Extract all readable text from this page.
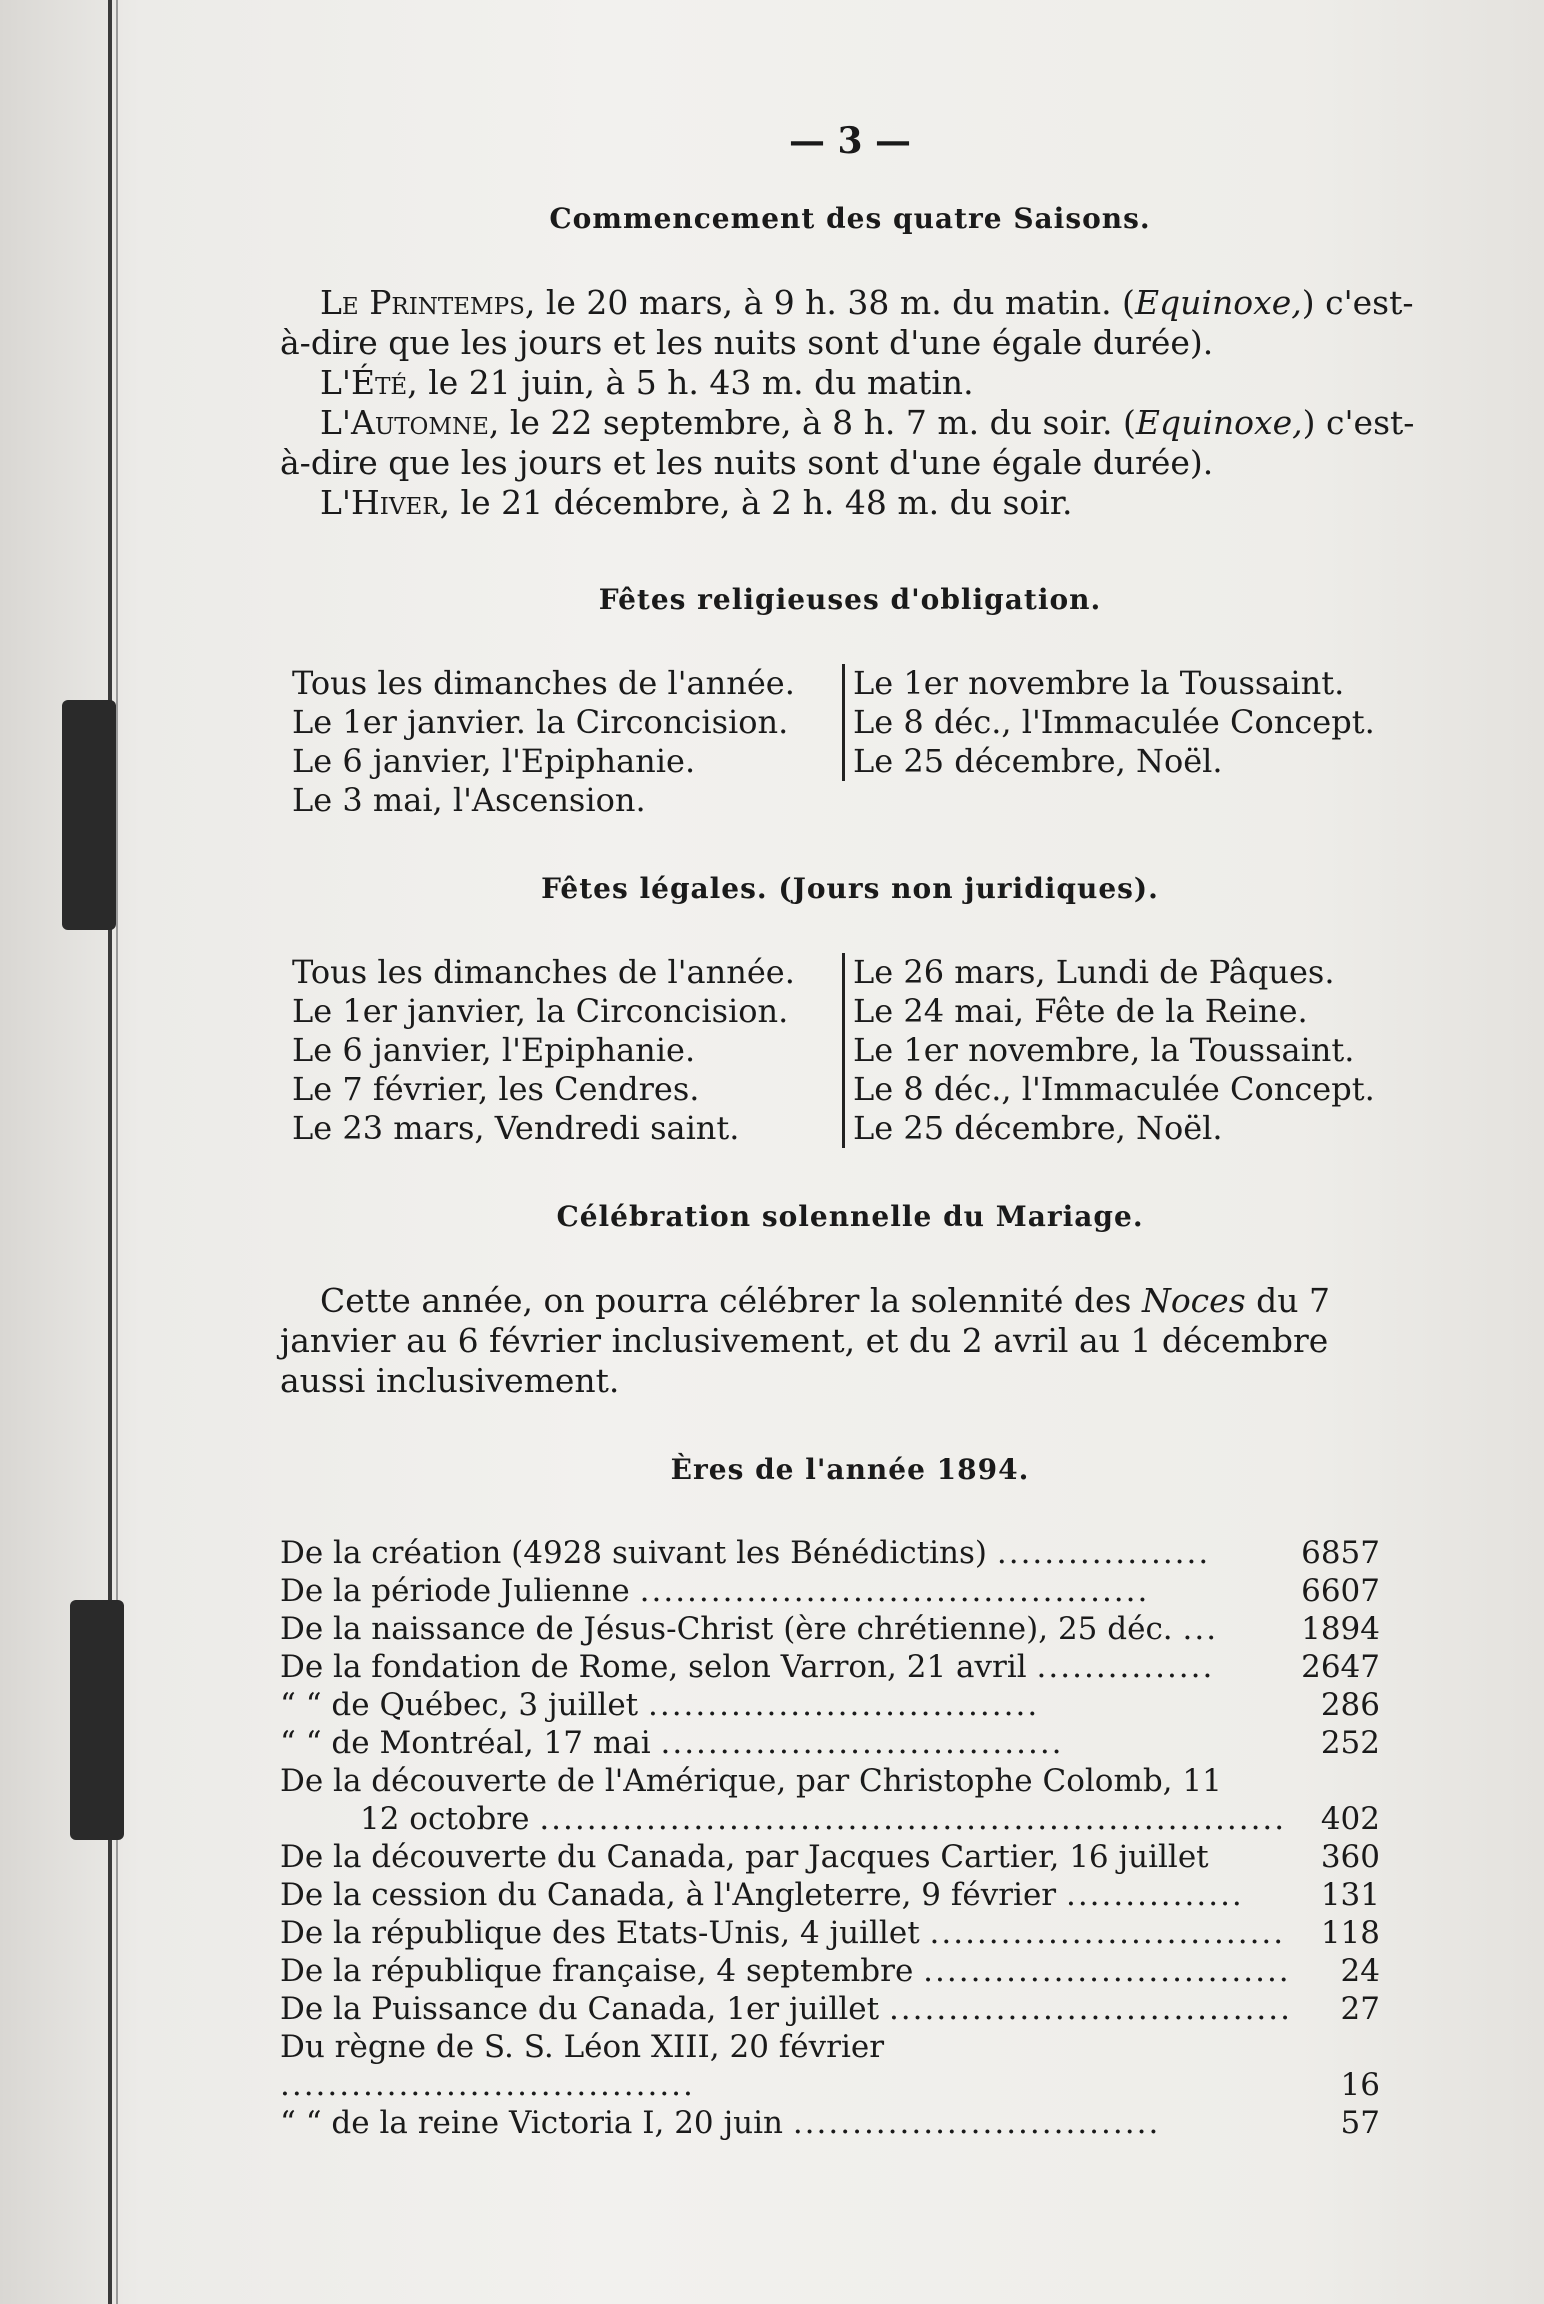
— 3 —
Commencement des quatre Saisons.

Le Printemps, le 20 mars, à 9 h. 38 m. du matin. (Equinoxe,) c'est-à-dire que les jours et les nuits sont d'une égale durée).

L'Été, le 21 juin, à 5 h. 43 m. du matin.

L'Automne, le 22 septembre, à 8 h. 7 m. du soir. (Equinoxe,) c'est-à-dire que les jours et les nuits sont d'une égale durée).

L'Hiver, le 21 décembre, à 2 h. 48 m. du soir.

Fêtes religieuses d'obligation.
Tous les dimanches de l'année.
Le 1er janvier. la Circoncision.
Le 6 janvier, l'Epiphanie.
Le 3 mai, l'Ascension.
Le 1er novembre la Toussaint.
Le 8 déc., l'Immaculée Concept.
Le 25 décembre, Noël.
Fêtes légales. (Jours non juridiques).
Tous les dimanches de l'année.
Le 1er janvier, la Circoncision.
Le 6 janvier, l'Epiphanie.
Le 7 février, les Cendres.
Le 23 mars, Vendredi saint.
Le 26 mars, Lundi de Pâques.
Le 24 mai, Fête de la Reine.
Le 1er novembre, la Toussaint.
Le 8 déc., l'Immaculée Concept.
Le 25 décembre, Noël.
Célébration solennelle du Mariage.

Cette année, on pourra célébrer la solennité des Noces du 7 janvier au 6 février inclusivement, et du 2 avril au 1 décembre aussi inclusivement.

Ères de l'année 1894.
De la création (4928 suivant les Bénédictins) ..................	6857
De la période Julienne ...........................................	6607
De la naissance de Jésus-Christ (ère chrétienne), 25 déc. ...	1894
De la fondation de Rome, selon Varron, 21 avril ...............	2647
“ “ de Québec, 3 juillet .................................	286
“ “ de Montréal, 17 mai ..................................	252
De la découverte de l'Amérique, par Christophe Colomb, 11	
12 octobre ...............................................................	402
De la découverte du Canada, par Jacques Cartier, 16 juillet	360
De la cession du Canada, à l'Angleterre, 9 février ...............	131
De la république des Etats-Unis, 4 juillet ..............................	118
De la république française, 4 septembre ...............................	24
De la Puissance du Canada, 1er juillet ..................................	27
Du règne de S. S. Léon XIII, 20 février ...................................	16
“ “ de la reine Victoria I, 20 juin ...............................	57
